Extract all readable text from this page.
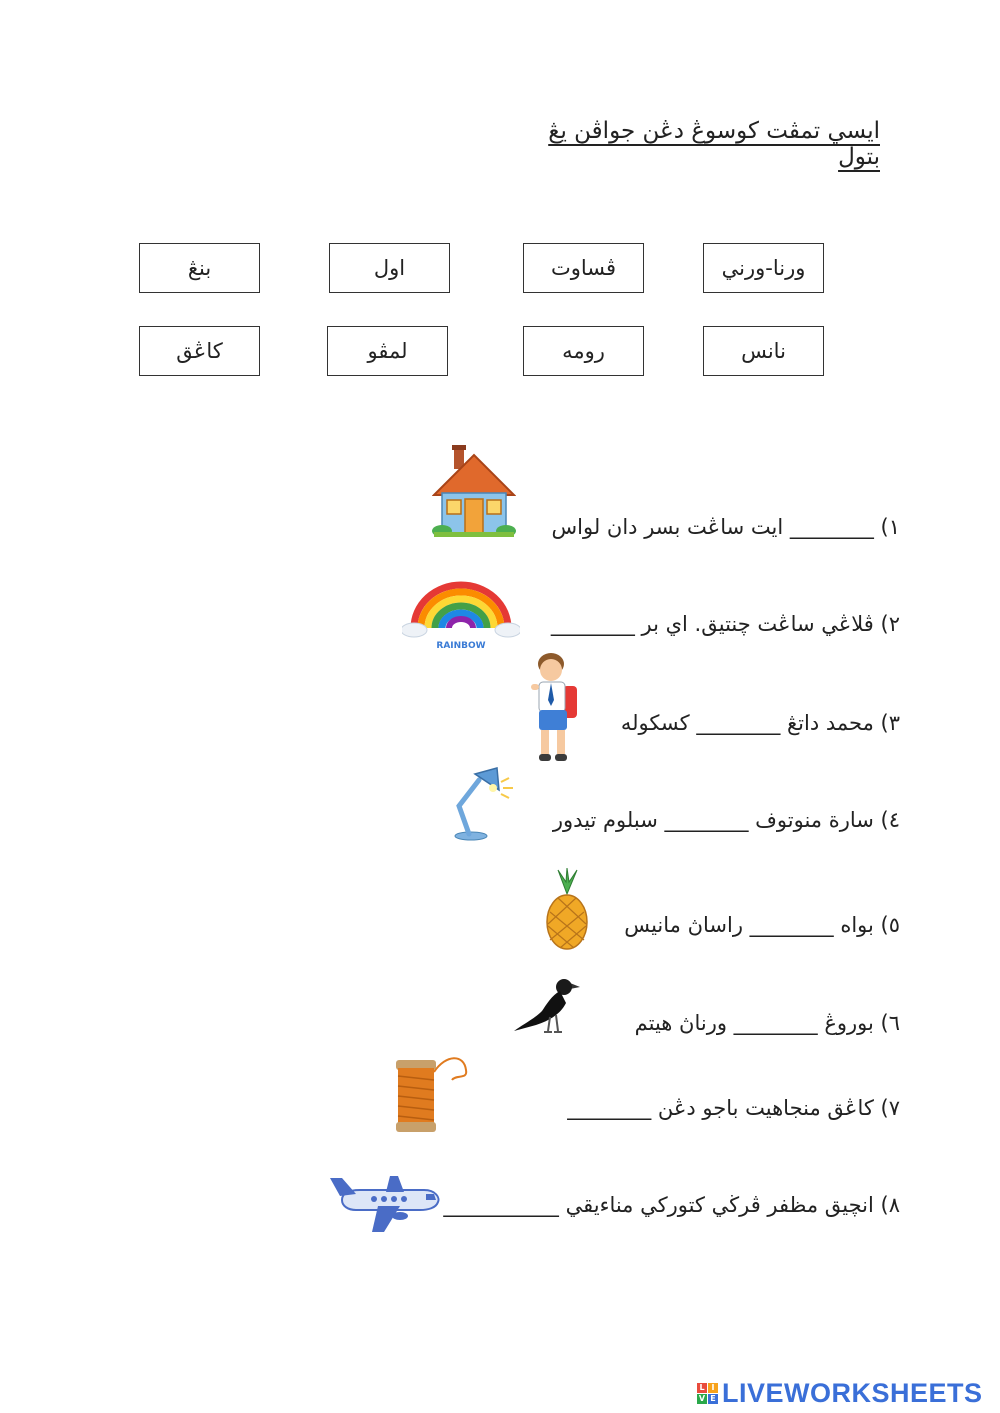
ايسي تمڤت كوسوڠ دڠن جواڤن يڠ بتول
ورنا-ورني
ڤساوت
اول
بنڠ
نانس
رومه
لمڤو
كاڠق
١) ________ ايت ساڠت بسر دان لواس
٢) ڤلاڠي ساڠت چنتيق. اي بر ________
٣) محمد داتڠ ________ كسكوله
٤) سارة منوتوف ________ سبلوم تيدور
٥) بواه ________ راساڽ مانيس
٦) بوروڠ ________ ورناڽ هيتم
٧) كاڠق منجاهيت باجو دڠن ________
٨) انچيق مظفر ڤرڬي كتوركي مناءيقي ___________
RAINBOW
L I
V E LIVEWORKSHEETS
